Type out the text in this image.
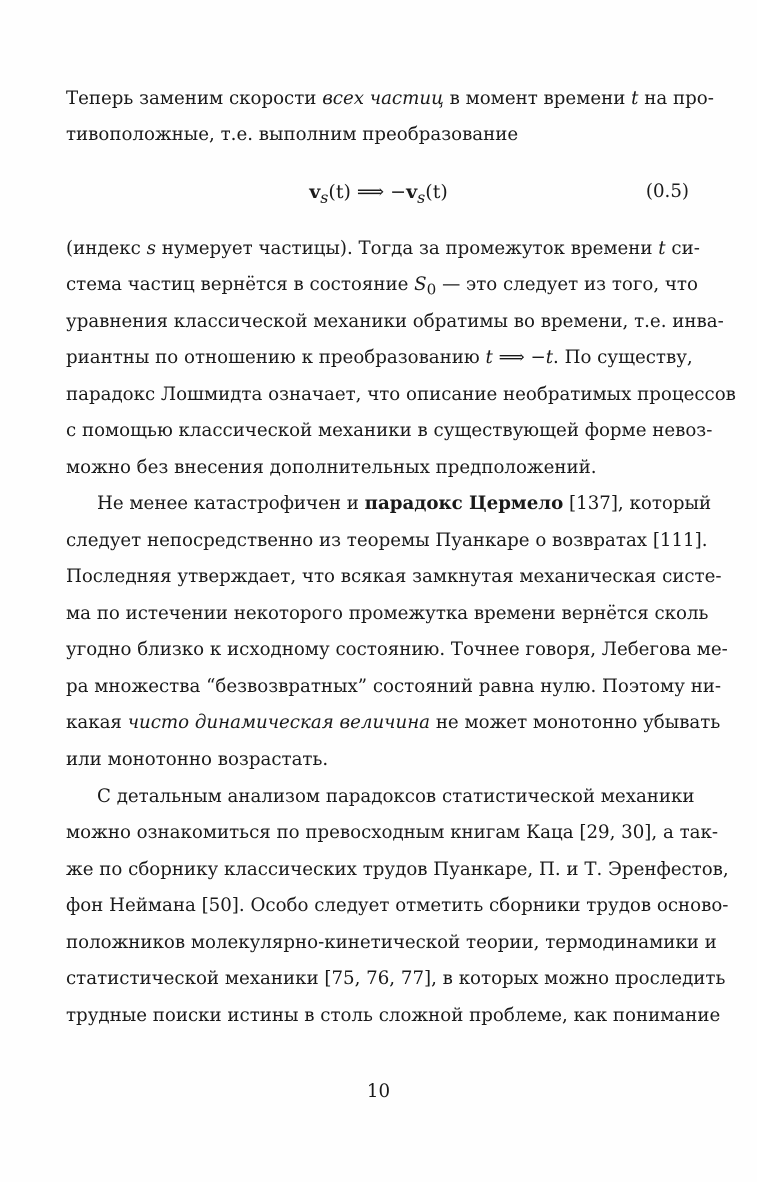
Теперь заменим скорости всех частиц в момент времени t на про-
тивоположные, т.е. выполним преобразование
$v_s(t)$ ⟹ $-v_s(t)$	(0.5)
(индекс s нумерует частицы). Тогда за промежуток времени t си-
стема частиц вернётся в состояние $S_0$ — это следует из того, что
уравнения классической механики обратимы во времени, т.е. инва-
риантны по отношению к преобразованию t ⟹ −t. По существу,
парадокс Лошмидта означает, что описание необратимых процессов
с помощью классической механики в существующей форме невоз-
можно без внесения дополнительных предположений.
Не менее катастрофичен и парадокс Цермело [137], который
следует непосредственно из теоремы Пуанкаре о возвратах [111].
Последняя утверждает, что всякая замкнутая механическая систе-
ма по истечении некоторого промежутка времени вернётся сколь
угодно близко к исходному состоянию. Точнее говоря, Лебегова ме-
ра множества “безвозвратных” состояний равна нулю. Поэтому ни-
какая чисто динамическая величина не может монотонно убывать
или монотонно возрастать.
С детальным анализом парадоксов статистической механики
можно ознакомиться по превосходным книгам Каца [29, 30], а так-
же по сборнику классических трудов Пуанкаре, П. и Т. Эренфестов,
фон Неймана [50]. Особо следует отметить сборники трудов осново-
положников молекулярно-кинетической теории, термодинамики и
статистической механики [75, 76, 77], в которых можно проследить
трудные поиски истины в столь сложной проблеме, как понимание
10
